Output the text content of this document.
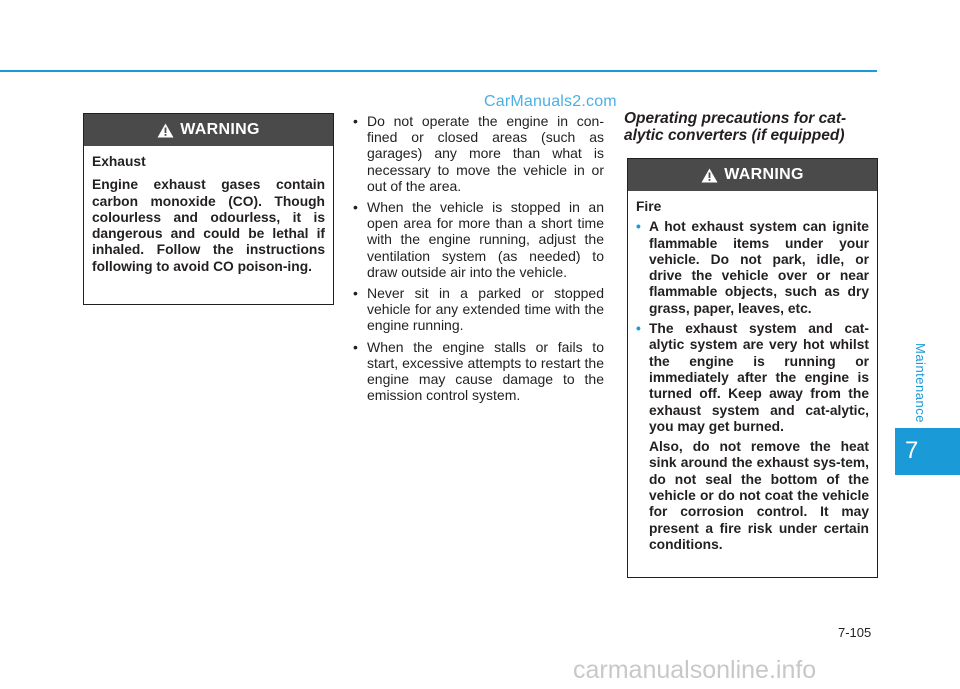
CarManuals2.com
Maintenance
7
WARNING

Exhaust

Engine exhaust gases contain carbon monoxide (CO). Though colourless and odourless, it is dangerous and could be lethal if inhaled. Follow the instructions following to avoid CO poison-ing.

• Do not operate the engine in con-fined or closed areas (such as garages) any more than what is necessary to move the vehicle in or out of the area.
• When the vehicle is stopped in an open area for more than a short time with the engine running, adjust the ventilation system (as needed) to draw outside air into the vehicle.
• Never sit in a parked or stopped vehicle for any extended time with the engine running.
• When the engine stalls or fails to start, excessive attempts to restart the engine may cause damage to the emission control system.
Operating precautions for cat-alytic converters (if equipped)
WARNING

Fire

• A hot exhaust system can ignite flammable items under your vehicle. Do not park, idle, or drive the vehicle over or near flammable objects, such as dry grass, paper, leaves, etc.
• The exhaust system and cat-alytic system are very hot whilst the engine is running or immediately after the engine is turned off. Keep away from the exhaust system and cat-alytic, you may get burned.

Also, do not remove the heat sink around the exhaust sys-tem, do not seal the bottom of the vehicle or do not coat the vehicle for corrosion control. It may present a fire risk under certain conditions.

7-105
carmanualsonline.info
